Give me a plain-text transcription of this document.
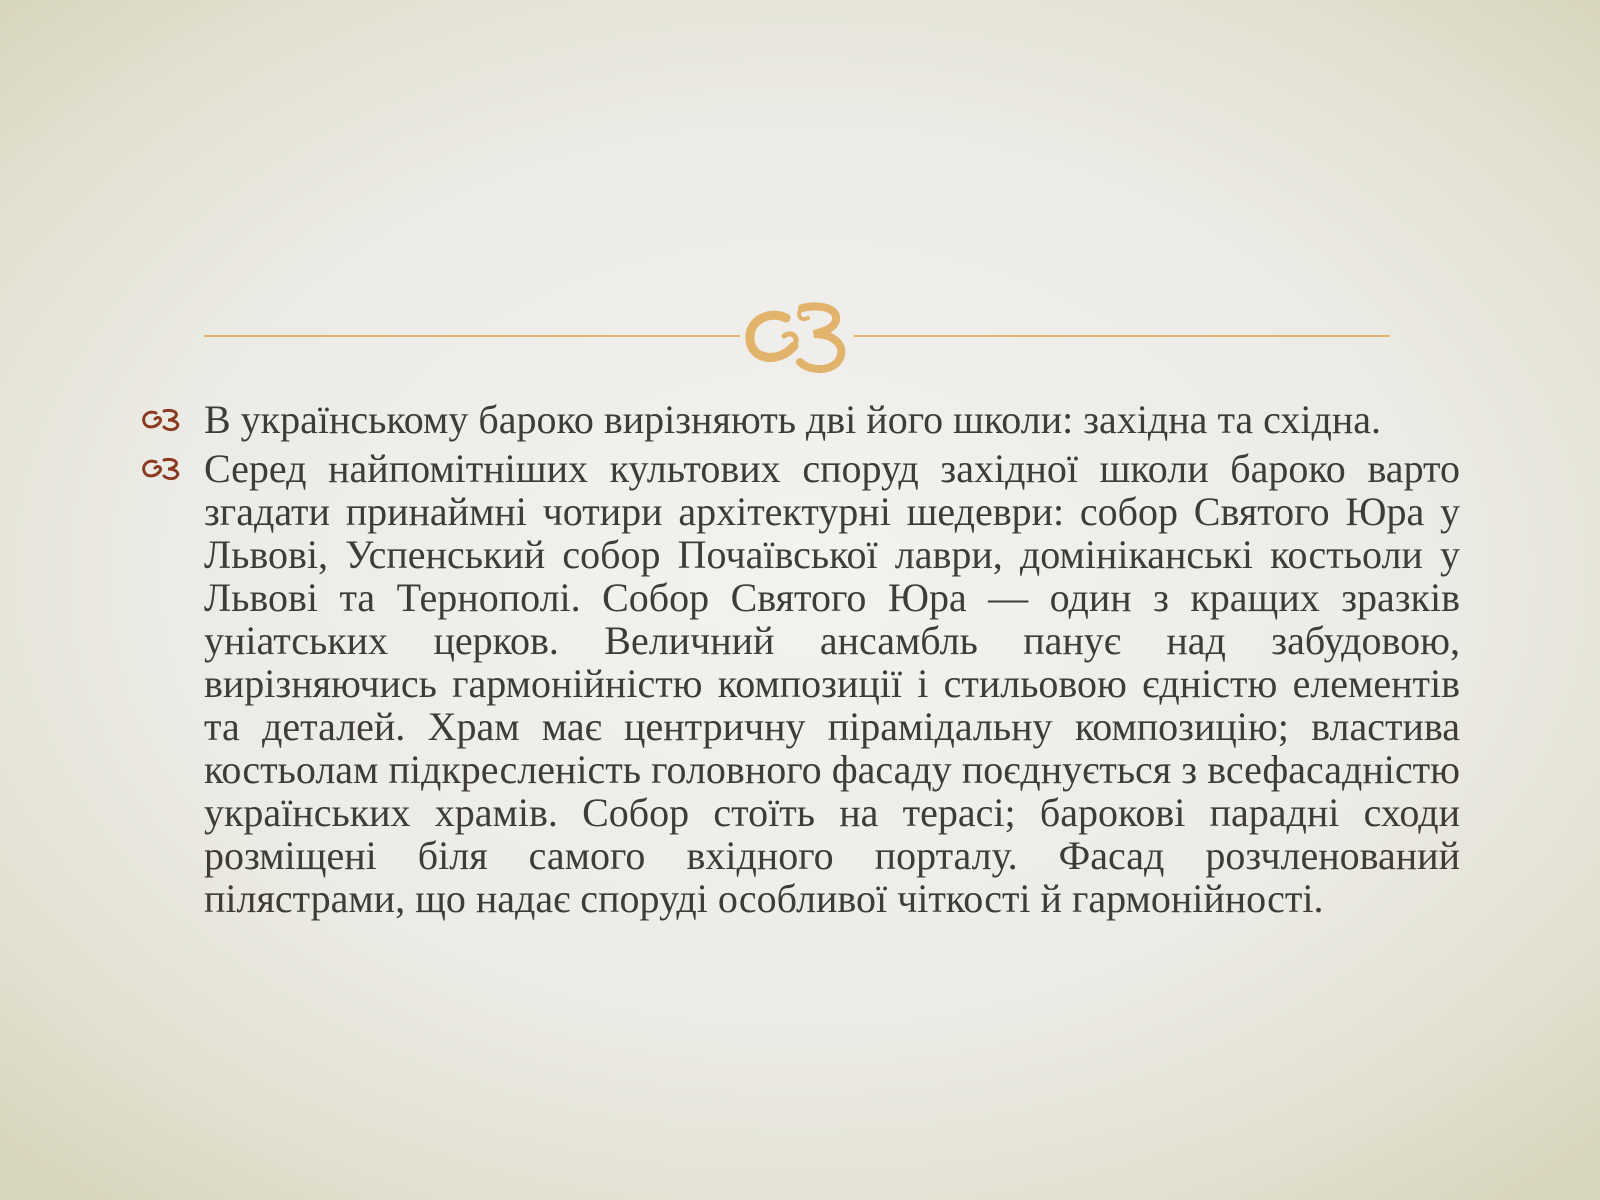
В українському бароко вирізняють дві його школи: західна та східна.
Серед найпомітніших культових споруд західної школи бароко варто згадати принаймні чотири архітектурні шедеври: собор Святого Юра у Львові, Успенський собор Почаївської лаври, домініканські костьоли у Львові та Тернополі. Собор Святого Юра — один з кращих зразків уніатських церков. Величний ансамбль панує над забудовою, вирізняючись гармонійністю композиції і стильовою єдністю елементів та деталей. Храм має центричну пірамідальну композицію; властива костьолам підкресленість головного фасаду поєднується з всефасадністю українських храмів. Собор стоїть на терасі; барокові парадні сходи розміщені біля самого вхідного порталу. Фасад розчленований пілястрами, що надає споруді особливої чіткості й гармонійності.
